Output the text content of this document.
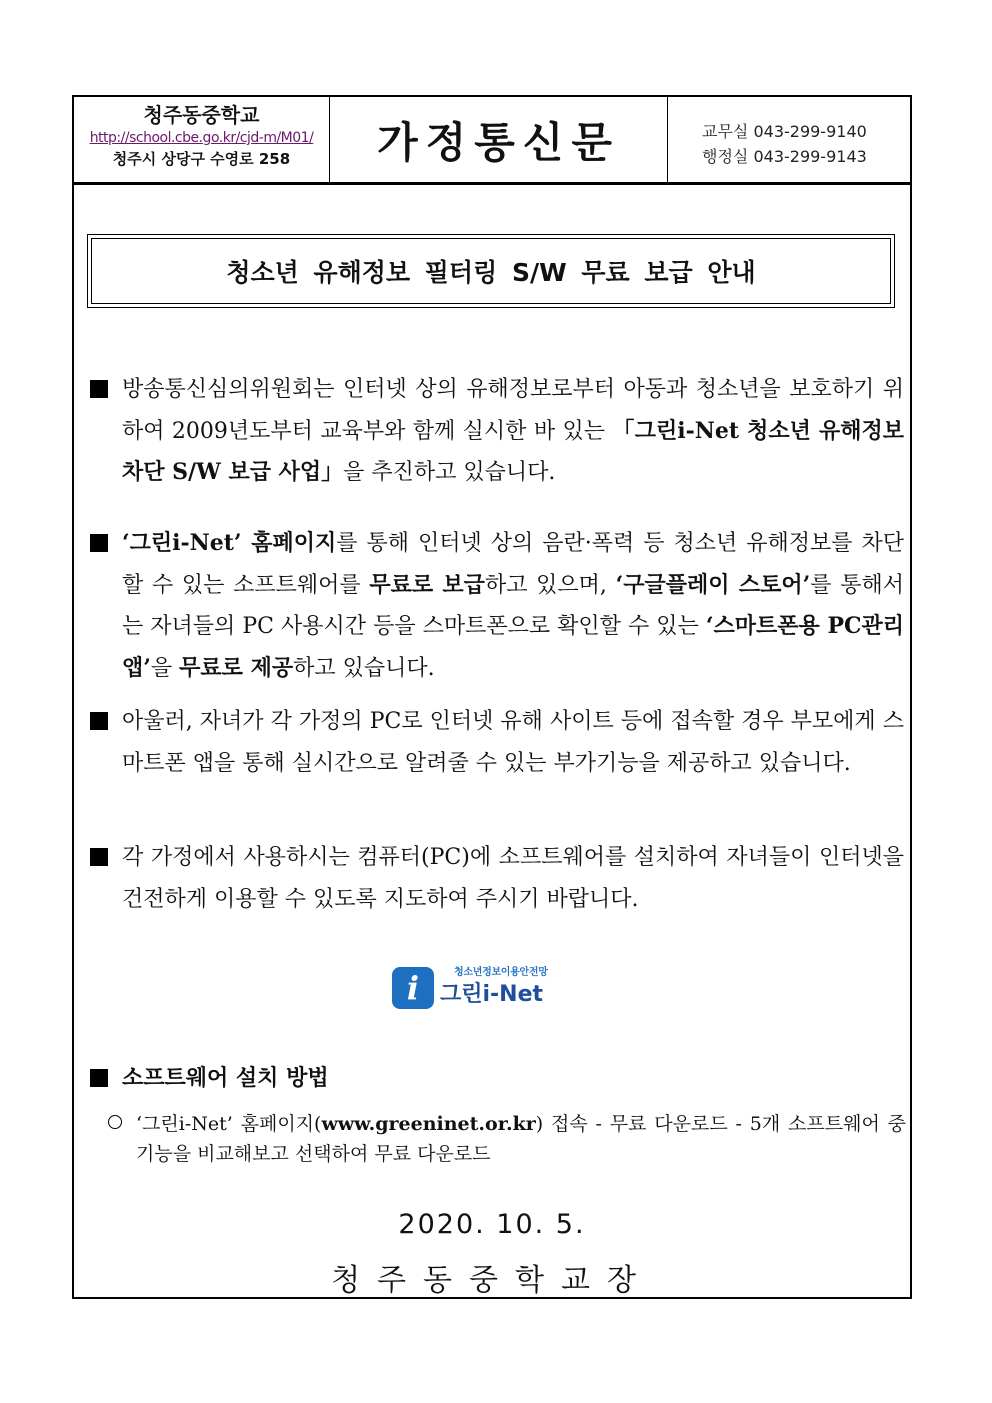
청주동중학교
http://school.cbe.go.kr/cjd-m/M01/
청주시 상당구 수영로 258	가정통신문	교무실 043-299-9140
행정실 043-299-9143
청소년 유해정보 필터링 S/W 무료 보급 안내
방송통신심의위원회는 인터넷 상의 유해정보로부터 아동과 청소년을 보호하기 위하여 2009년도부터 교육부와 함께 실시한 바 있는 「그린i-Net 청소년 유해정보 차단 S/W 보급 사업」을 추진하고 있습니다.
‘그린i-Net’ 홈페이지를 통해 인터넷 상의 음란·폭력 등 청소년 유해정보를 차단할 수 있는 소프트웨어를 무료로 보급하고 있으며, ‘구글플레이 스토어’를 통해서는 자녀들의 PC 사용시간 등을 스마트폰으로 확인할 수 있는 ‘스마트폰용 PC관리 앱’을 무료로 제공하고 있습니다.
아울러, 자녀가 각 가정의 PC로 인터넷 유해 사이트 등에 접속할 경우 부모에게 스마트폰 앱을 통해 실시간으로 알려줄 수 있는 부가기능을 제공하고 있습니다.
각 가정에서 사용하시는 컴퓨터(PC)에 소프트웨어를 설치하여 자녀들이 인터넷을 건전하게 이용할 수 있도록 지도하여 주시기 바랍니다.
i	청소년정보이용안전망
그린i-Net
소프트웨어 설치 방법
‘그린i-Net’ 홈페이지(www.greeninet.or.kr) 접속 - 무료 다운로드 - 5개 소프트웨어 중 기능을 비교해보고 선택하여 무료 다운로드
2020. 10. 5.
청주동중학교장
